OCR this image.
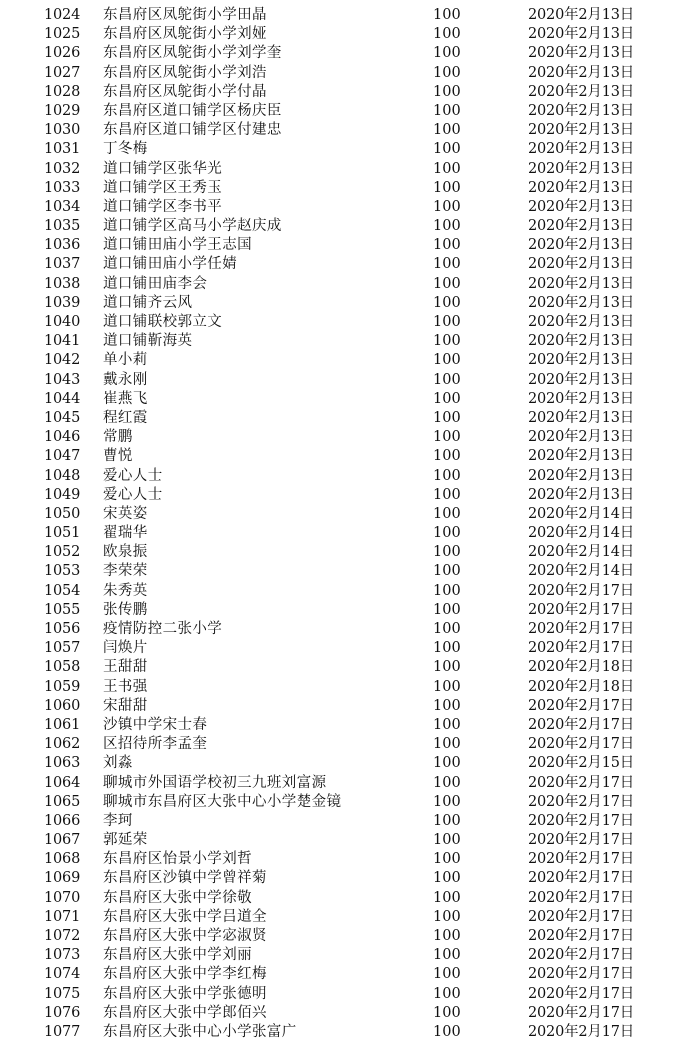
1024 东昌府区凤鸵街小学田晶	100	2020年2月13日
1025 东昌府区凤鸵街小学刘娅	100	2020年2月13日
1026 东昌府区凤鸵街小学刘学奎	100	2020年2月13日
1027 东昌府区凤鸵街小学刘浩	100	2020年2月13日
1028 东昌府区凤鸵街小学付晶	100	2020年2月13日
1029 东昌府区道口铺学区杨庆臣	100	2020年2月13日
1030 东昌府区道口铺学区付建忠	100	2020年2月13日
1031 丁冬梅	100	2020年2月13日
1032 道口铺学区张华光	100	2020年2月13日
1033 道口铺学区王秀玉	100	2020年2月13日
1034 道口铺学区李书平	100	2020年2月13日
1035 道口铺学区高马小学赵庆成	100	2020年2月13日
1036 道口铺田庙小学王志国	100	2020年2月13日
1037 道口铺田庙小学任婧	100	2020年2月13日
1038 道口铺田庙李会	100	2020年2月13日
1039 道口铺齐云风	100	2020年2月13日
1040 道口铺联校郭立文	100	2020年2月13日
1041 道口铺靳海英	100	2020年2月13日
1042 单小莉	100	2020年2月13日
1043 戴永刚	100	2020年2月13日
1044 崔燕飞	100	2020年2月13日
1045 程红霞	100	2020年2月13日
1046 常鹏	100	2020年2月13日
1047 曹悦	100	2020年2月13日
1048 爱心人士	100	2020年2月13日
1049 爱心人士	100	2020年2月13日
1050 宋英姿	100	2020年2月14日
1051 翟瑞华	100	2020年2月14日
1052 欧泉振	100	2020年2月14日
1053 李荣荣	100	2020年2月14日
1054 朱秀英	100	2020年2月17日
1055 张传鹏	100	2020年2月17日
1056 疫情防控二张小学	100	2020年2月17日
1057 闫焕片	100	2020年2月17日
1058 王甜甜	100	2020年2月18日
1059 王书强	100	2020年2月18日
1060 宋甜甜	100	2020年2月17日
1061 沙镇中学宋士春	100	2020年2月17日
1062 区招待所李孟奎	100	2020年2月17日
1063 刘淼	100	2020年2月15日
1064 聊城市外国语学校初三九班刘富源	100	2020年2月17日
1065 聊城市东昌府区大张中心小学楚金镜	100	2020年2月17日
1066 李珂	100	2020年2月17日
1067 郭延荣	100	2020年2月17日
1068 东昌府区怡景小学刘哲	100	2020年2月17日
1069 东昌府区沙镇中学曾祥菊	100	2020年2月17日
1070 东昌府区大张中学徐敬	100	2020年2月17日
1071 东昌府区大张中学吕道全	100	2020年2月17日
1072 东昌府区大张中学宓淑贤	100	2020年2月17日
1073 东昌府区大张中学刘丽	100	2020年2月17日
1074 东昌府区大张中学李红梅	100	2020年2月17日
1075 东昌府区大张中学张德明	100	2020年2月17日
1076 东昌府区大张中学郎佰兴	100	2020年2月17日
1077 东昌府区大张中心小学张富广	100	2020年2月17日
